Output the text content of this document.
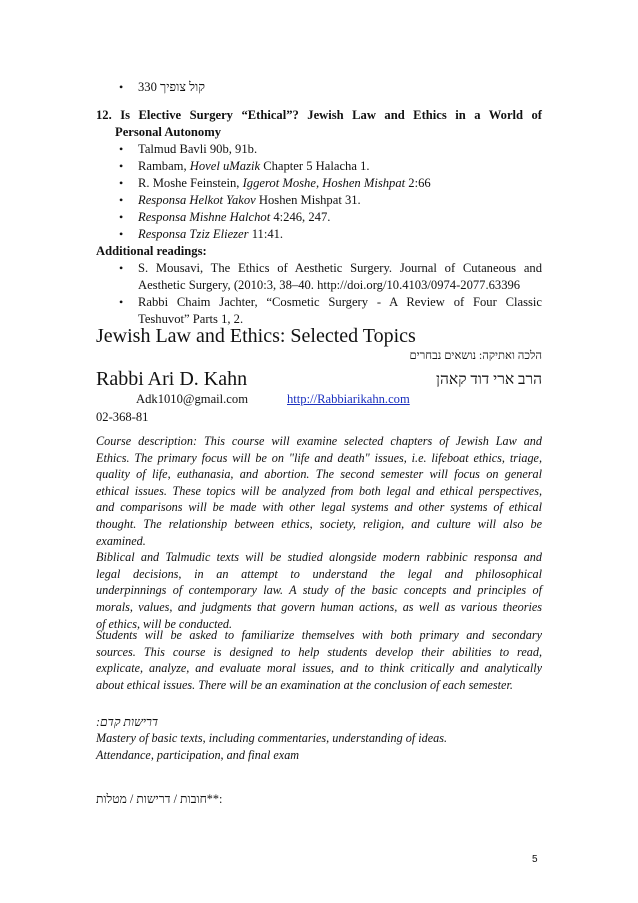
• 330 קול צופיך
12. Is Elective Surgery “Ethical”? Jewish Law and Ethics in a World of
Personal Autonomy
• Talmud Bavli 90b, 91b.
• Rambam, Hovel uMazik Chapter 5 Halacha 1.
• R. Moshe Feinstein, Iggerot Moshe, Hoshen Mishpat 2:66
• Responsa Helkot Yakov Hoshen Mishpat 31.
• Responsa Mishne Halchot 4:246, 247.
• Responsa Tziz Eliezer 11:41.
Additional readings:
• S. Mousavi, The Ethics of Aesthetic Surgery. Journal of Cutaneous and
Aesthetic Surgery, (2010:3, 38–40. http://doi.org/10.4103/0974-2077.63396
• Rabbi Chaim Jachter, “Cosmetic Surgery - A Review of Four Classic
Teshuvot” Parts 1, 2.
Jewish Law and Ethics: Selected Topics
הלכה ואתיקה: נושאים נבחרים
Rabbi Ari D. Kahn	הרב ארי דוד קאהן
Adk1010@gmail.com	http://Rabbiarikahn.com
02-368-81
Course description: This course will examine selected chapters of Jewish Law and
Ethics. The primary focus will be on "life and death" issues, i.e. lifeboat ethics, triage,
quality of life, euthanasia, and abortion. The second semester will focus on general
ethical issues. These topics will be analyzed from both legal and ethical perspectives,
and comparisons will be made with other legal systems and other systems of ethical
thought. The relationship between ethics, society, religion, and culture will also be
examined.
Biblical and Talmudic texts will be studied alongside modern rabbinic responsa and
legal decisions, in an attempt to understand the legal and philosophical
underpinnings of contemporary law. A study of the basic concepts and principles of
morals, values, and judgments that govern human actions, as well as various theories
of ethics, will be conducted.
Students will be asked to familiarize themselves with both primary and secondary
sources. This course is designed to help students develop their abilities to read,
explicate, analyze, and evaluate moral issues, and to think critically and analytically
about ethical issues. There will be an examination at the conclusion of each semester.
דרישות קדם:
Mastery of basic texts, including commentaries, understanding of ideas.
Attendance, participation, and final exam
חובות / דרישות / מטלות**:
5
